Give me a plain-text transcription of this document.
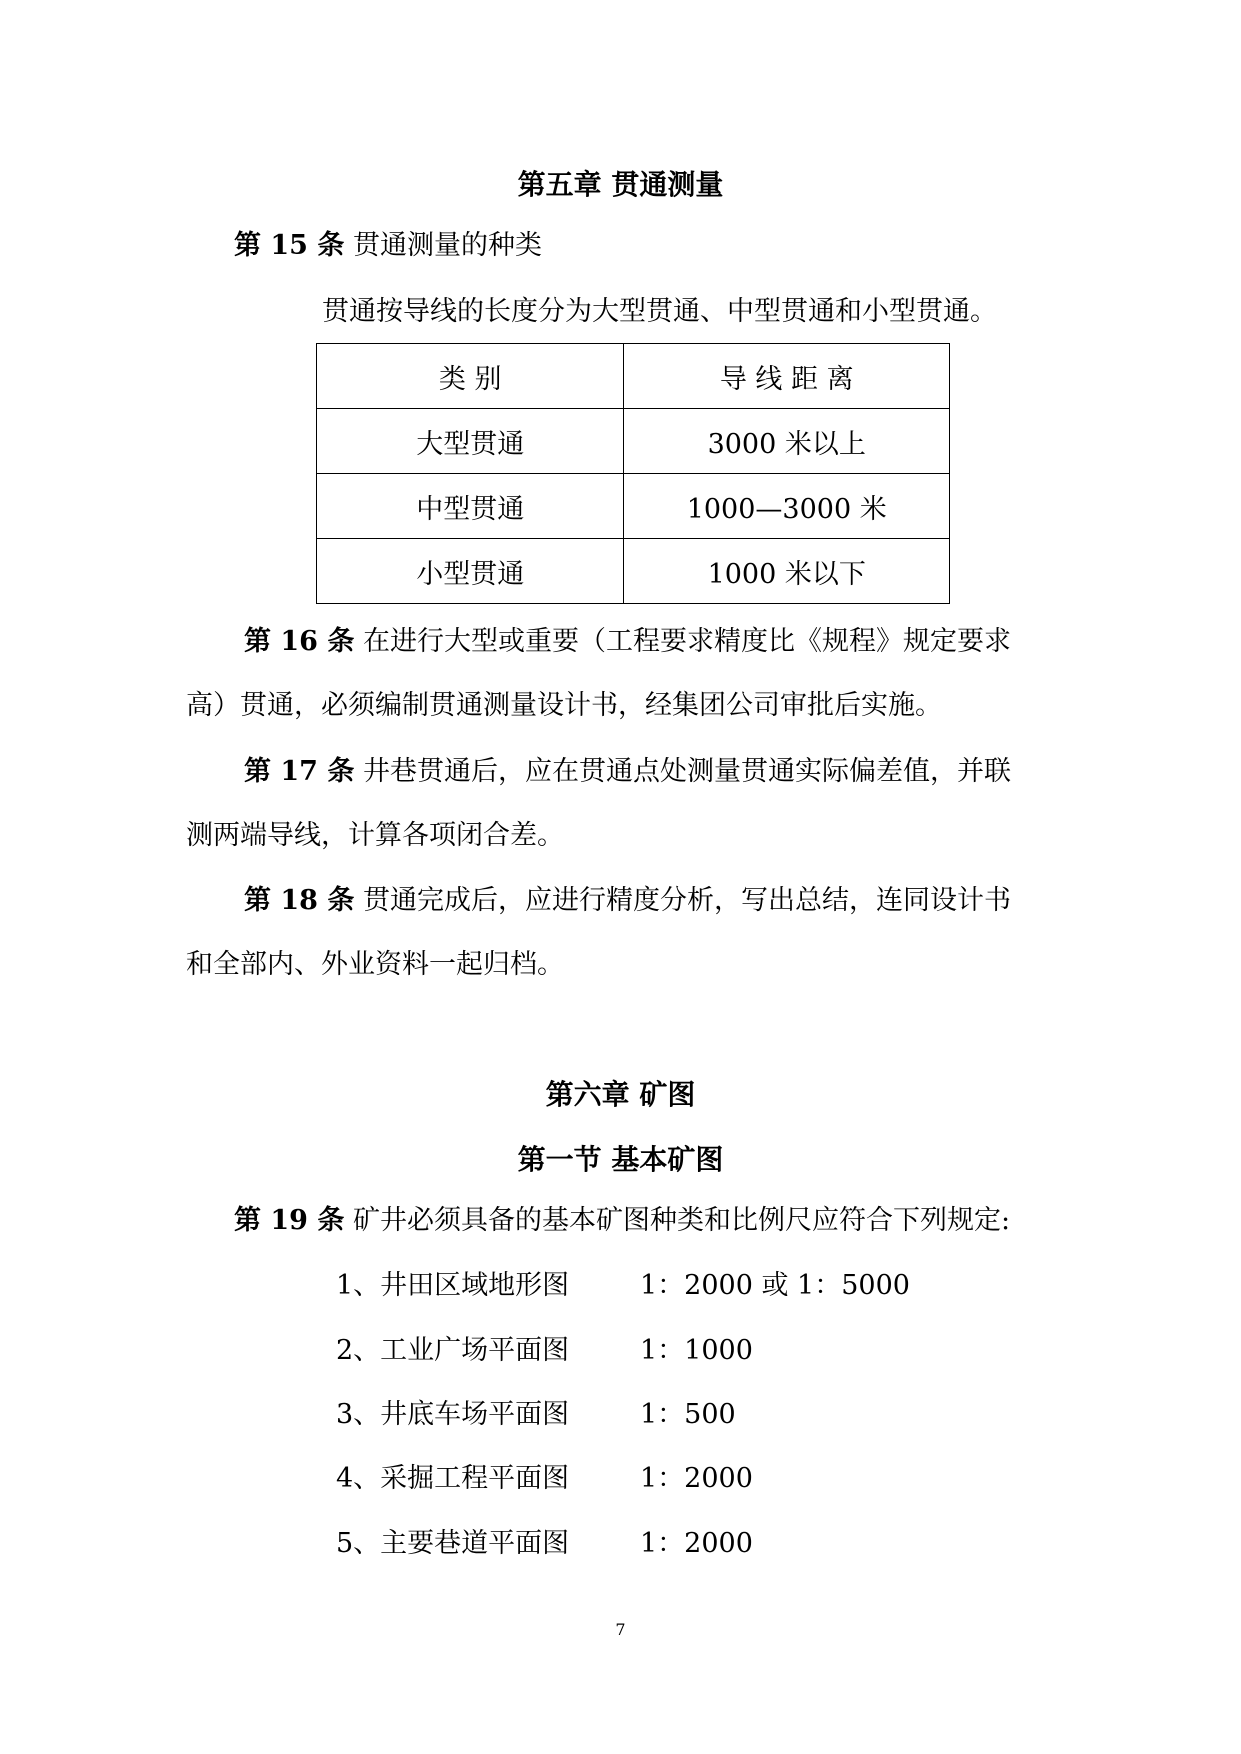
第五章 贯通测量
第 15 条 贯通测量的种类
贯通按导线的长度分为大型贯通、中型贯通和小型贯通。
类 别	导 线 距 离
大型贯通	3000 米以上
中型贯通	1000—3000 米
小型贯通	1000 米以下
第 16 条 在进行大型或重要（工程要求精度比《规程》规定要求
高）贯通，必须编制贯通测量设计书，经集团公司审批后实施。
第 17 条 井巷贯通后，应在贯通点处测量贯通实际偏差值，并联
测两端导线，计算各项闭合差。
第 18 条 贯通完成后，应进行精度分析，写出总结，连同设计书
和全部内、外业资料一起归档。
第六章 矿图
第一节 基本矿图
第 19 条 矿井必须具备的基本矿图种类和比例尺应符合下列规定:
1、井田区域地形图	1：2000 或 1：5000
2、工业广场平面图	1：1000
3、井底车场平面图	1：500
4、采掘工程平面图	1：2000
5、主要巷道平面图	1：2000
7
